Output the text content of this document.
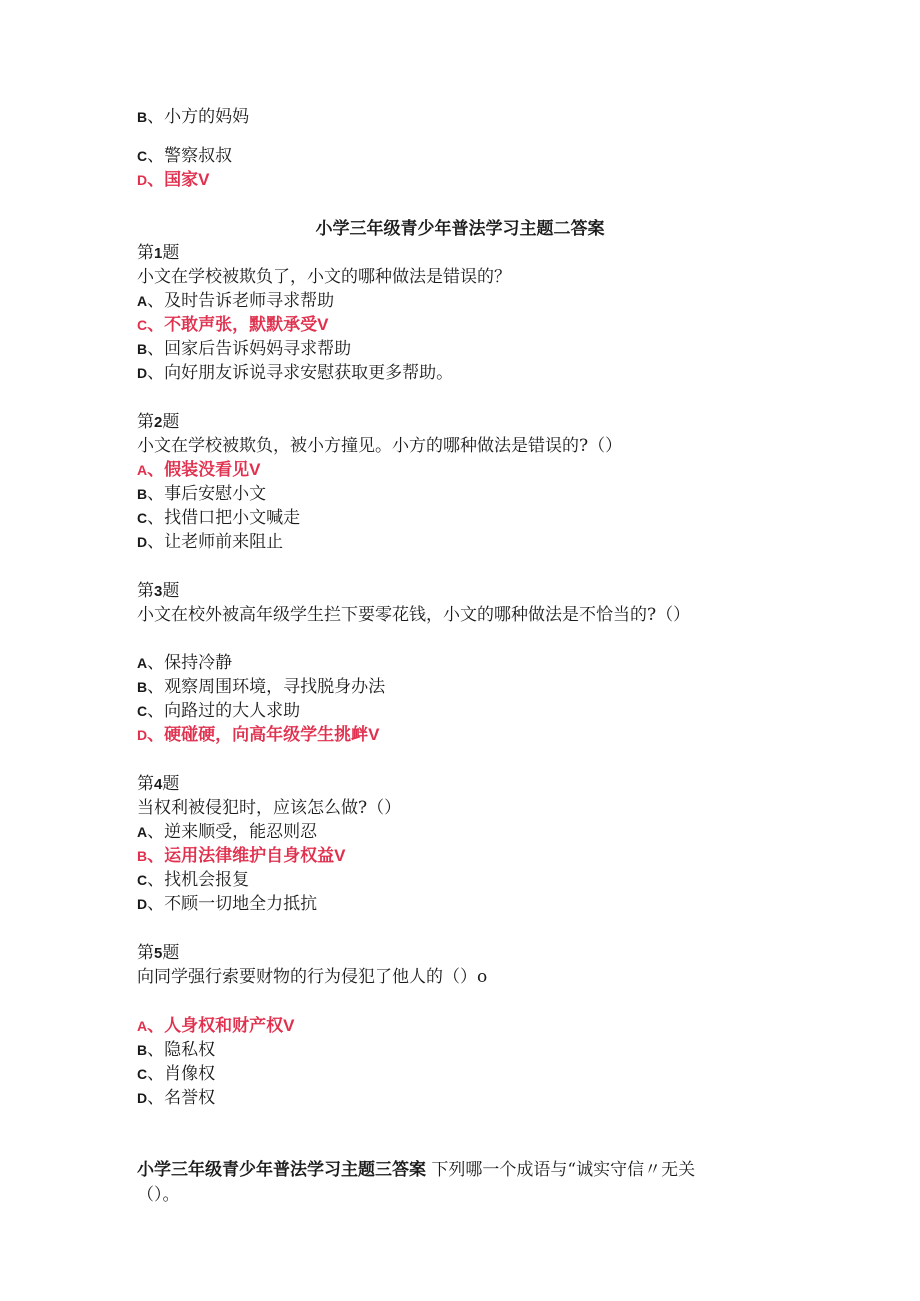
B、小方的妈妈
C、警察叔叔
D、国家V
小学三年级青少年普法学习主题二答案
第1题
小文在学校被欺负了，小文的哪种做法是错误的？
A、及时告诉老师寻求帮助
C、不敢声张，默默承受V
B、回家后告诉妈妈寻求帮助
D、向好朋友诉说寻求安慰获取更多帮助。
第2题
小文在学校被欺负，被小方撞见。小方的哪种做法是错误的?（）
A、假装没看见V
B、事后安慰小文
C、找借口把小文喊走
D、让老师前来阻止
第3题
小文在校外被高年级学生拦下要零花钱，小文的哪种做法是不恰当的?（）
A、保持冷静
B、观察周围环境，寻找脱身办法
C、向路过的大人求助
D、硬碰硬，向高年级学生挑衅V
第4题
当权利被侵犯时，应该怎么做?（）
A、逆来顺受，能忍则忍
B、运用法律维护自身权益V
C、找机会报复
D、不顾一切地全力抵抗
第5题
向同学强行索要财物的行为侵犯了他人的（）o
A、人身权和财产权V
B、隐私权
C、肖像权
D、名誉权
小学三年级青少年普法学习主题三答案 下列哪一个成语与“诚实守信〃无关
（）。
